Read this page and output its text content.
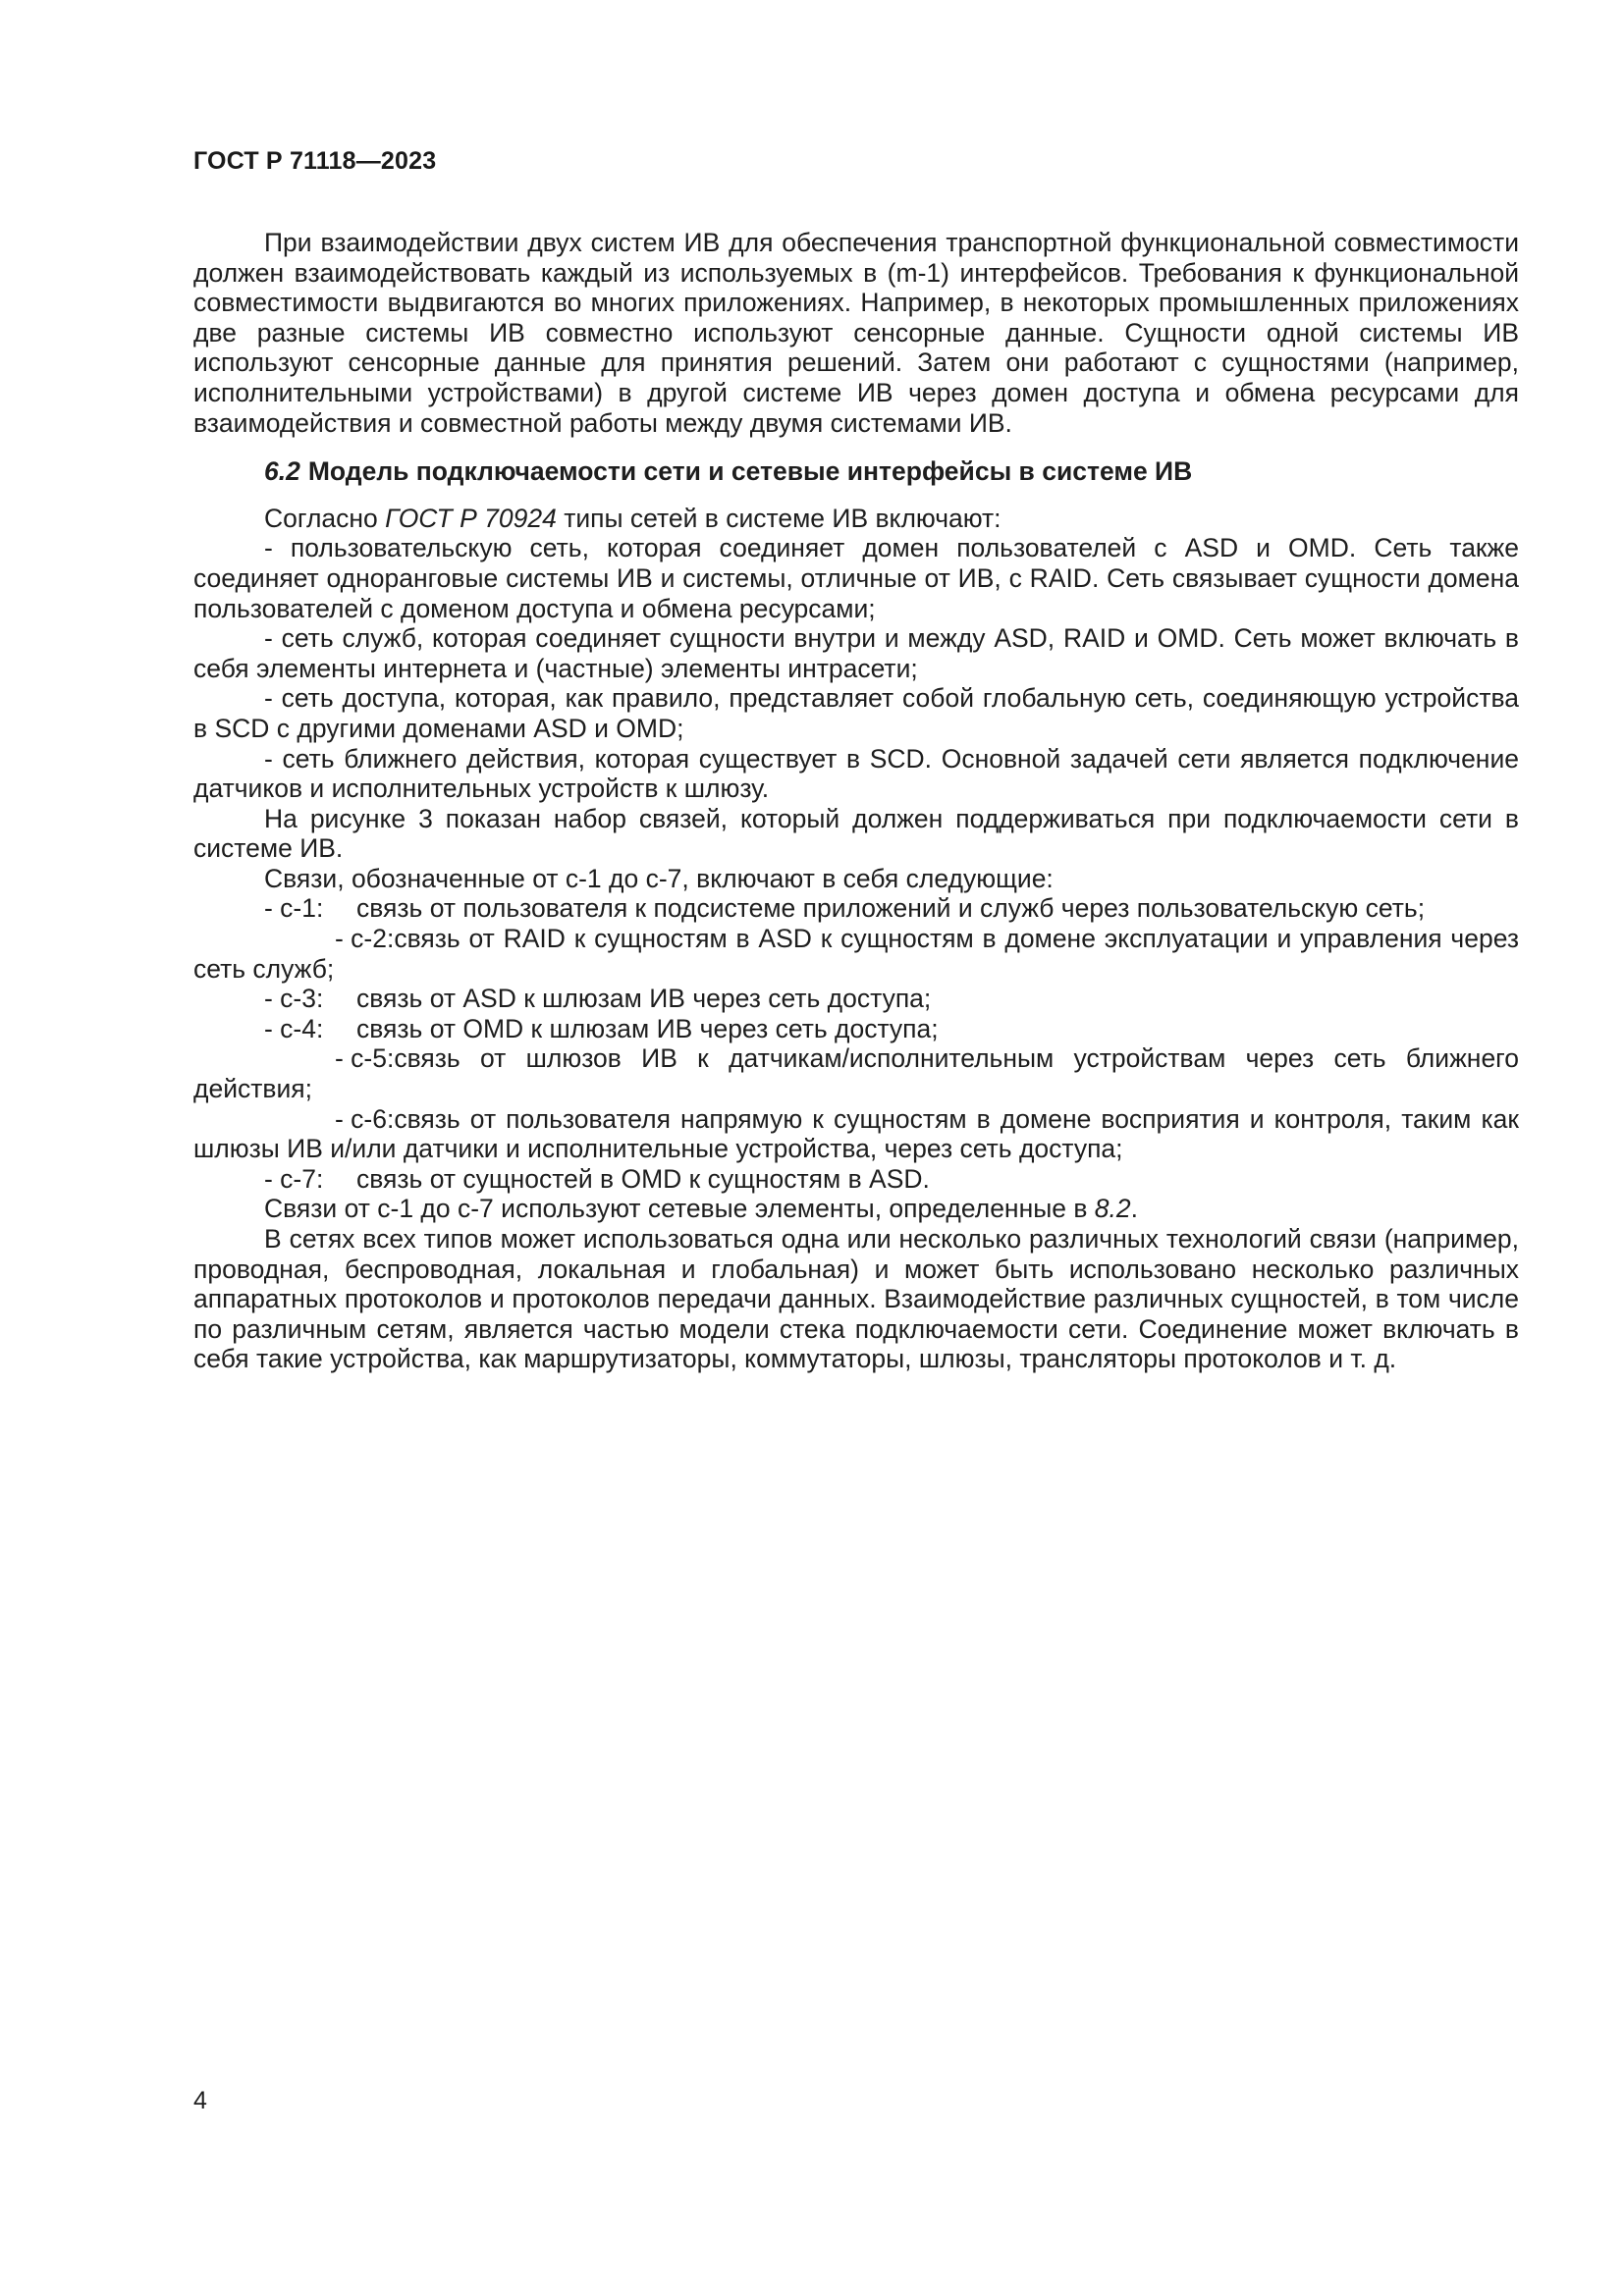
ГОСТ Р 71118—2023

При взаимодействии двух систем ИВ для обеспечения транспортной функциональной совместимости должен взаимодействовать каждый из используемых в (m-1) интерфейсов. Требования к функциональной совместимости выдвигаются во многих приложениях. Например, в некоторых промышленных приложениях две разные системы ИВ совместно используют сенсорные данные. Сущности одной системы ИВ используют сенсорные данные для принятия решений. Затем они работают с сущностями (например, исполнительными устройствами) в другой системе ИВ через домен доступа и обмена ресурсами для взаимодействия и совместной работы между двумя системами ИВ.

6.2 Модель подключаемости сети и сетевые интерфейсы в системе ИВ

Согласно ГОСТ Р 70924 типы сетей в системе ИВ включают:

- пользовательскую сеть, которая соединяет домен пользователей с ASD и OMD. Сеть также соединяет одноранговые системы ИВ и системы, отличные от ИВ, с RAID. Сеть связывает сущности домена пользователей с доменом доступа и обмена ресурсами;

- сеть служб, которая соединяет сущности внутри и между ASD, RAID и OMD. Сеть может включать в себя элементы интернета и (частные) элементы интрасети;

- сеть доступа, которая, как правило, представляет собой глобальную сеть, соединяющую устройства в SCD с другими доменами ASD и OMD;

- сеть ближнего действия, которая существует в SCD. Основной задачей сети является подключение датчиков и исполнительных устройств к шлюзу.

На рисунке 3 показан набор связей, который должен поддерживаться при подключаемости сети в системе ИВ.

Связи, обозначенные от с-1 до с-7, включают в себя следующие:

- с-1: связь от пользователя к подсистеме приложений и служб через пользовательскую сеть;

- с-2:связь от RAID к сущностям в ASD к сущностям в домене эксплуатации и управления через сеть служб;

- с-3: связь от ASD к шлюзам ИВ через сеть доступа;

- с-4: связь от OMD к шлюзам ИВ через сеть доступа;

- с-5:связь от шлюзов ИВ к датчикам/исполнительным устройствам через сеть ближнего действия;

- с-6:связь от пользователя напрямую к сущностям в домене восприятия и контроля, таким как шлюзы ИВ и/или датчики и исполнительные устройства, через сеть доступа;

- с-7: связь от сущностей в OMD к сущностям в ASD.

Связи от с-1 до с-7 используют сетевые элементы, определенные в 8.2.

В сетях всех типов может использоваться одна или несколько различных технологий связи (например, проводная, беспроводная, локальная и глобальная) и может быть использовано несколько различных аппаратных протоколов и протоколов передачи данных. Взаимодействие различных сущностей, в том числе по различным сетям, является частью модели стека подключаемости сети. Соединение может включать в себя такие устройства, как маршрутизаторы, коммутаторы, шлюзы, трансляторы протоколов и т. д.

4
